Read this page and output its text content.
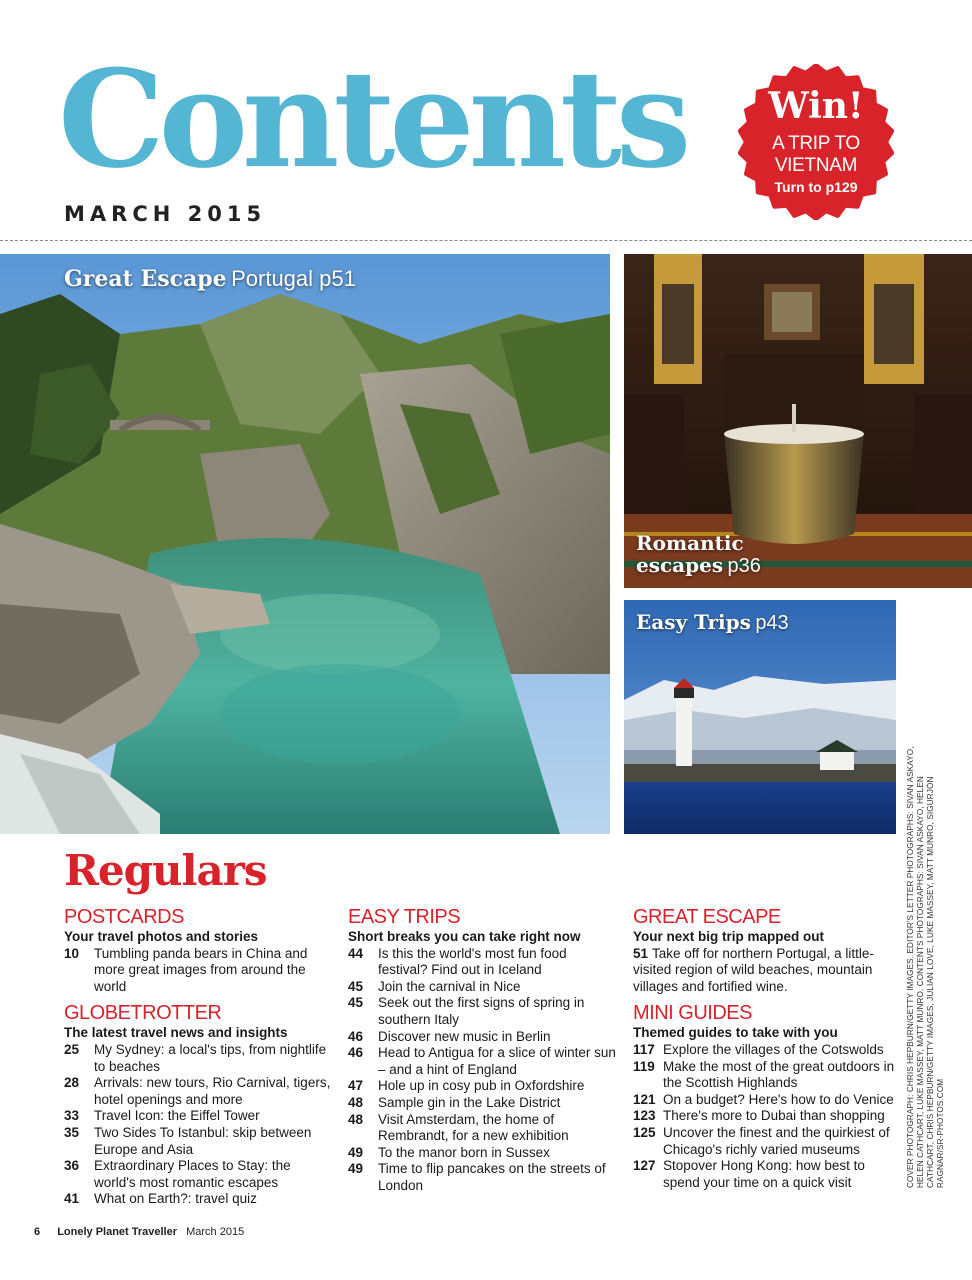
Contents
MARCH 2015
Win!
A TRIP TO
VIETNAM
Turn to p129
Great Escape Portugal p51
Romantic
escapes p36
Easy Trips p43
Regulars
POSTCARDS
Your travel photos and stories
10	Tumbling panda bears in China and more great images from around the world
GLOBETROTTER
The latest travel news and insights
25	My Sydney: a local's tips, from nightlife to beaches
28	Arrivals: new tours, Rio Carnival, tigers, hotel openings and more
33	Travel Icon: the Eiffel Tower
35	Two Sides To Istanbul: skip between Europe and Asia
36	Extraordinary Places to Stay: the world's most romantic escapes
41	What on Earth?: travel quiz
EASY TRIPS
Short breaks you can take right now
44	Is this the world's most fun food festival? Find out in Iceland
45	Join the carnival in Nice
45	Seek out the first signs of spring in southern Italy
46	Discover new music in Berlin
46	Head to Antigua for a slice of winter sun – and a hint of England
47	Hole up in cosy pub in Oxfordshire
48	Sample gin in the Lake District
48	Visit Amsterdam, the home of Rembrandt, for a new exhibition
49	To the manor born in Sussex
49	Time to flip pancakes on the streets of London
GREAT ESCAPE
Your next big trip mapped out
51 Take off for northern Portugal, a little-visited region of wild beaches, mountain villages and fortified wine.
MINI GUIDES
Themed guides to take with you
117 Explore the villages of the Cotswolds
119 Make the most of the great outdoors in the Scottish Highlands
121 On a budget? Here's how to do Venice
123 There's more to Dubai than shopping
125 Uncover the finest and the quirkiest of Chicago's richly varied museums
127 Stopover Hong Kong: how best to spend your time on a quick visit	COVER PHOTOGRAPH: CHRIS HEPBURN/GETTY IMAGES. EDITOR'S LETTER PHOTOGRAPHS: SIVAN ASKAYO, HELEN CATHCART, LUKE MASSEY, MATT MUNRO. CONTENTS PHOTOGRAPHS: SIVAN ASKAYO, HELEN CATHCART, CHRIS HEPBURN/GETTY IMAGES, JULIAN LOVE, LUKE MASSEY, MATT MUNRO, SIGURJÓN RAGNAR/SR-PHOTOS.COM
6 Lonely Planet Traveller March 2015
